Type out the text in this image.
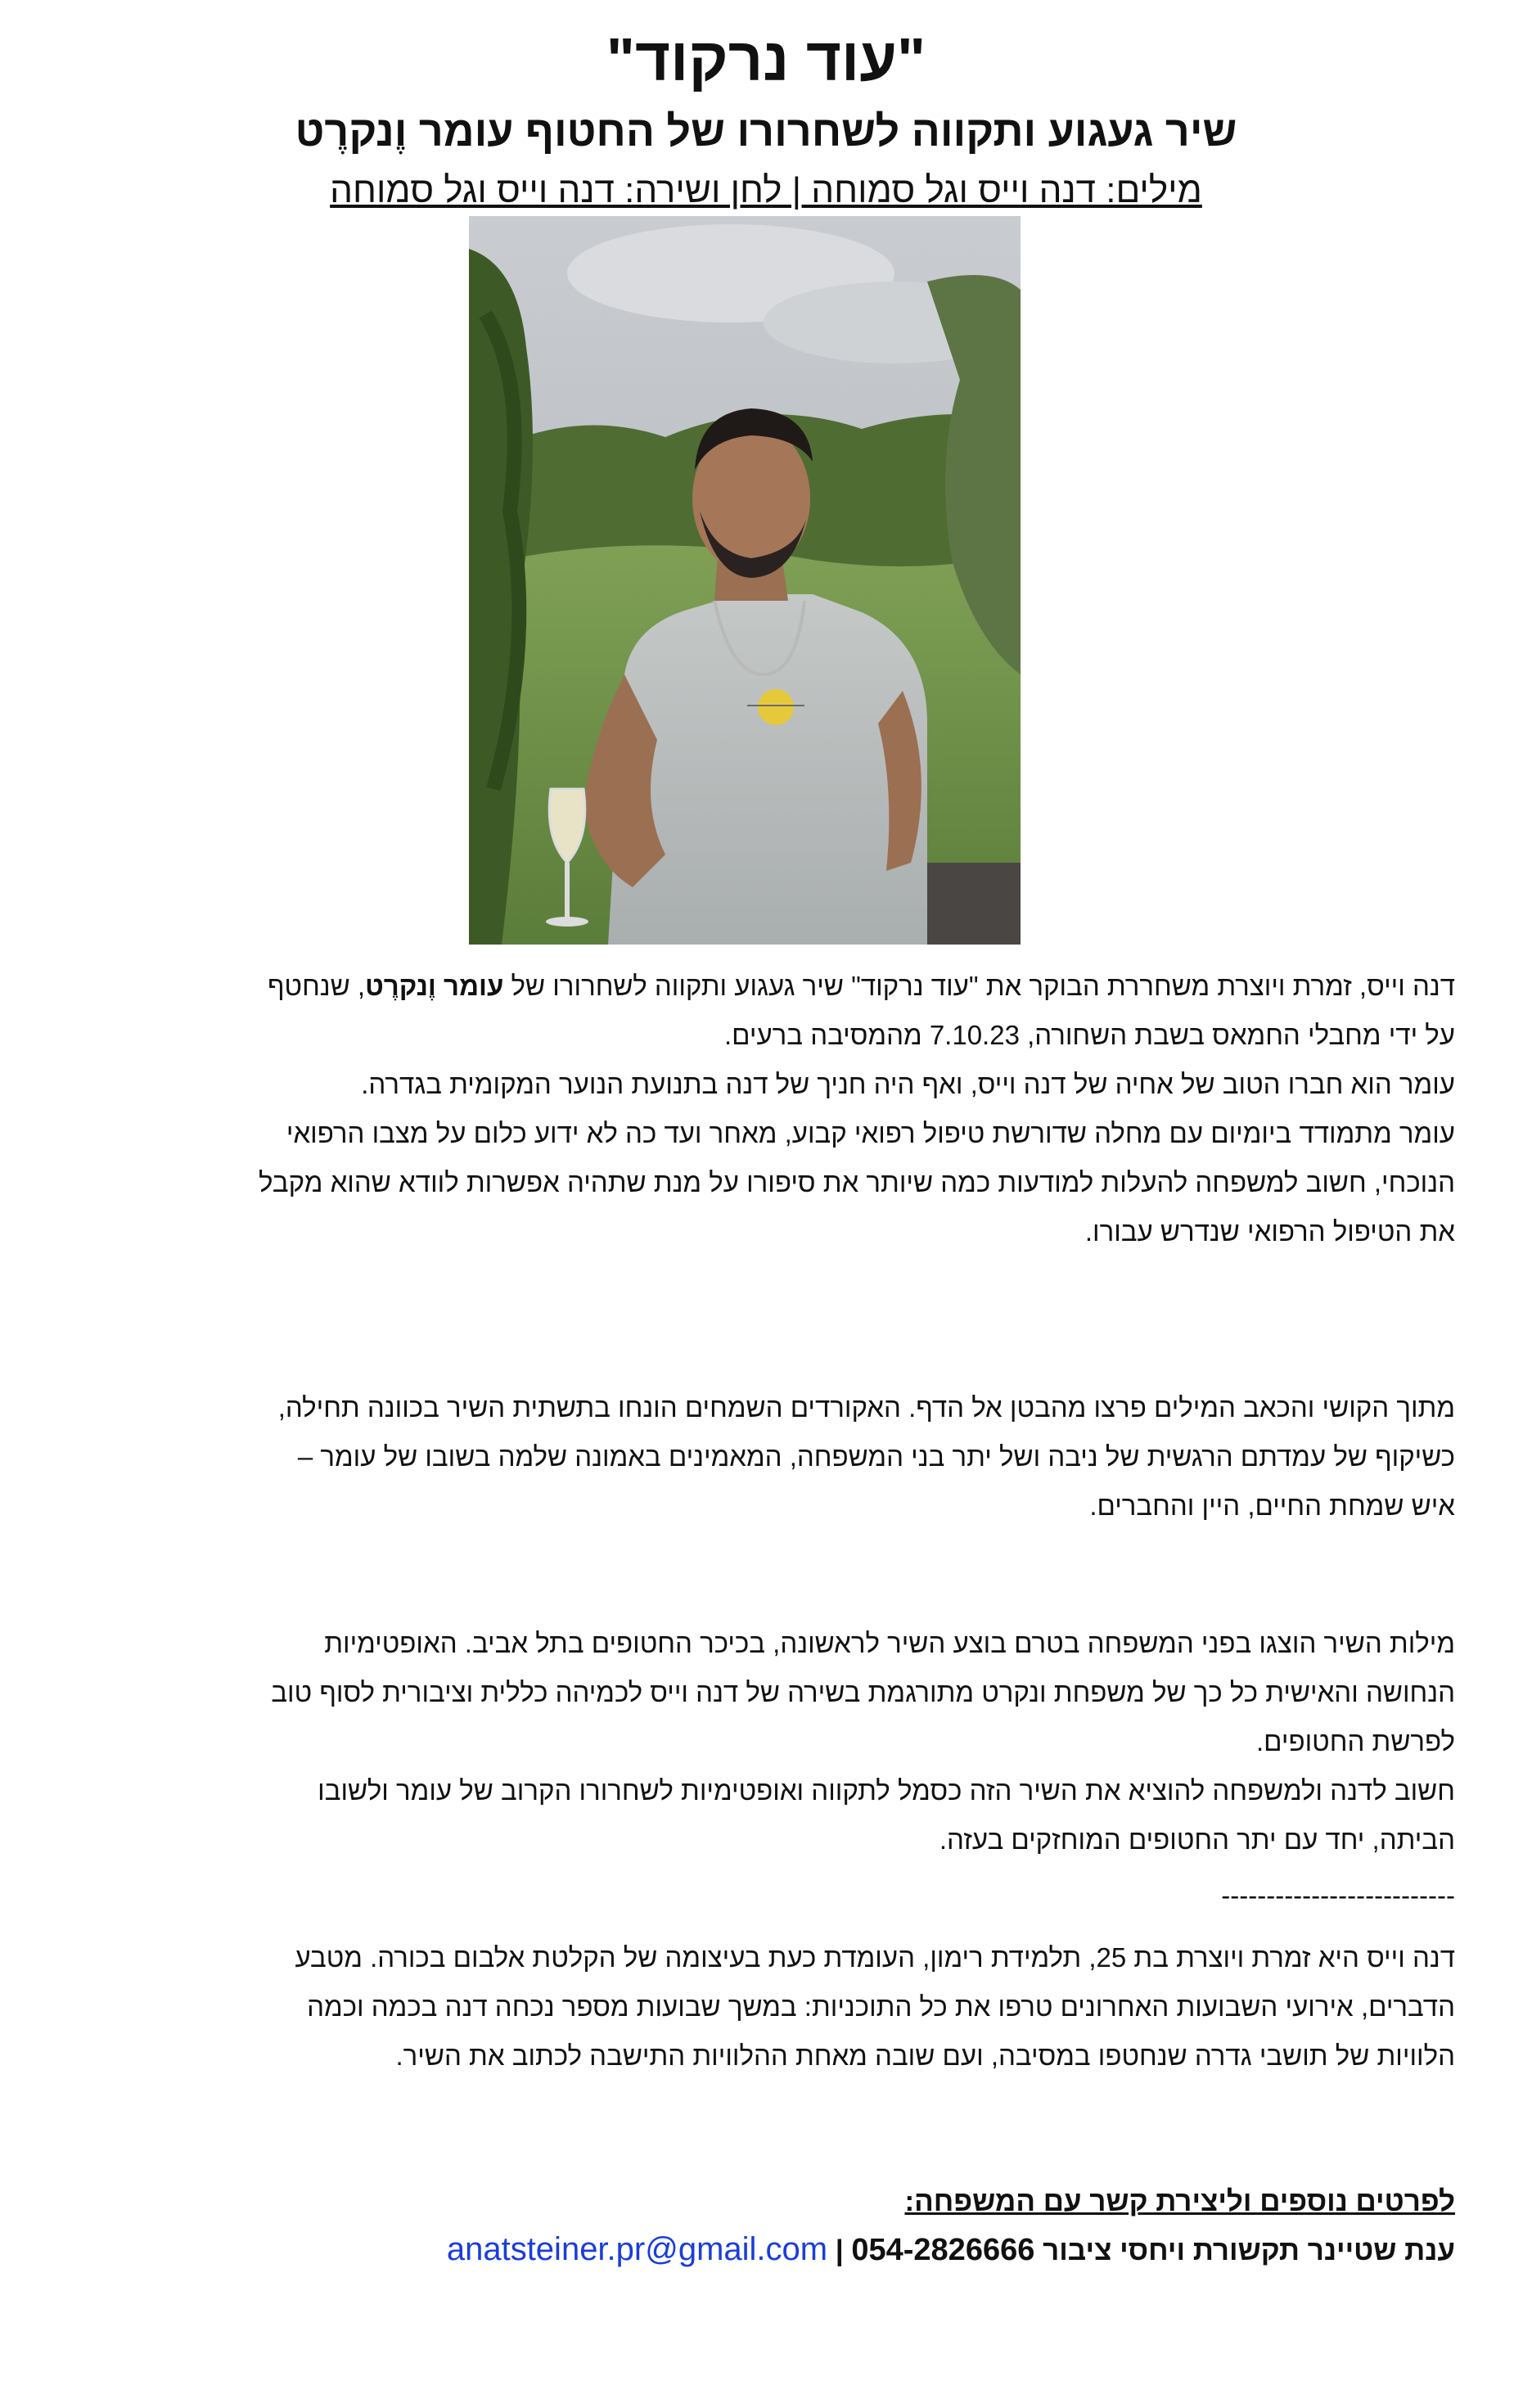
"עוד נרקוד"
שיר געגוע ותקווה לשחרורו של החטוף עומר וֶנקרֶט
מילים: דנה וייס וגל סמוחה | לחן ושירה: דנה וייס וגל סמוחה

דנה וייס, זמרת ויוצרת משחררת הבוקר את "עוד נרקוד" שיר געגוע ותקווה לשחרורו של עומר וֶנקרֶט, שנחטף

על ידי מחבלי החמאס בשבת השחורה, 7.10.23 מהמסיבה ברעים.

עומר הוא חברו הטוב של אחיה של דנה וייס, ואף היה חניך של דנה בתנועת הנוער המקומית בגדרה.

עומר מתמודד ביומיום עם מחלה שדורשת טיפול רפואי קבוע, מאחר ועד כה לא ידוע כלום על מצבו הרפואי

הנוכחי, חשוב למשפחה להעלות למודעות כמה שיותר את סיפורו על מנת שתהיה אפשרות לוודא שהוא מקבל

את הטיפול הרפואי שנדרש עבורו.

מתוך הקושי והכאב המילים פרצו מהבטן אל הדף. האקורדים השמחים הונחו בתשתית השיר בכוונה תחילה,

כשיקוף של עמדתם הרגשית של ניבה ושל יתר בני המשפחה, המאמינים באמונה שלמה בשובו של עומר –

איש שמחת החיים, היין והחברים.

מילות השיר הוצגו בפני המשפחה בטרם בוצע השיר לראשונה, בכיכר החטופים בתל אביב. האופטימיות

הנחושה והאישית כל כך של משפחת ונקרט מתורגמת בשירה של דנה וייס לכמיהה כללית וציבורית לסוף טוב

לפרשת החטופים.

חשוב לדנה ולמשפחה להוציא את השיר הזה כסמל לתקווה ואופטימיות לשחרורו הקרוב של עומר ולשובו

הביתה, יחד עם יתר החטופים המוחזקים בעזה.

--------------------------

דנה וייס היא זמרת ויוצרת בת 25, תלמידת רימון, העומדת כעת בעיצומה של הקלטת אלבום בכורה. מטבע

הדברים, אירועי השבועות האחרונים טרפו את כל התוכניות: במשך שבועות מספר נכחה דנה בכמה וכמה

הלוויות של תושבי גדרה שנחטפו במסיבה, ועם שובה מאחת ההלוויות התישבה לכתוב את השיר.

לפרטים נוספים וליצירת קשר עם המשפחה:
ענת שטיינר תקשורת ויחסי ציבור anatsteiner.pr@gmail.com | 054-2826666
